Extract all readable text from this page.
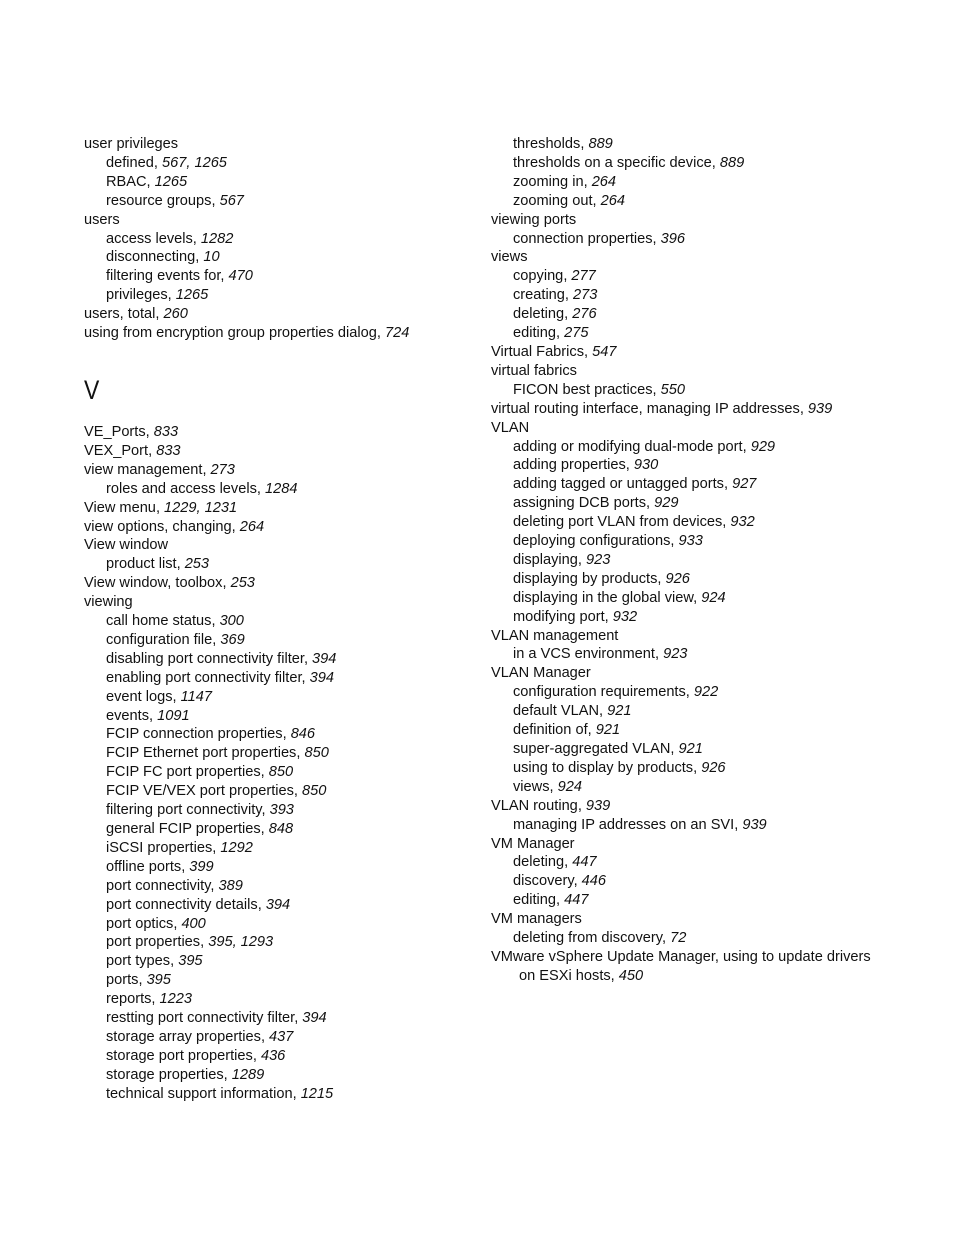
user privileges
defined, 567, 1265
RBAC, 1265
resource groups, 567
users
access levels, 1282
disconnecting, 10
filtering events for, 470
privileges, 1265
users, total, 260
using from encryption group properties dialog, 724
V
VE_Ports, 833
VEX_Port, 833
view management, 273
roles and access levels, 1284
View menu, 1229, 1231
view options, changing, 264
View window
product list, 253
View window, toolbox, 253
viewing
call home status, 300
configuration file, 369
disabling port connectivity filter, 394
enabling port connectivity filter, 394
event logs, 1147
events, 1091
FCIP connection properties, 846
FCIP Ethernet port properties, 850
FCIP FC port properties, 850
FCIP VE/VEX port properties, 850
filtering port connectivity, 393
general FCIP properties, 848
iSCSI properties, 1292
offline ports, 399
port connectivity, 389
port connectivity details, 394
port optics, 400
port properties, 395, 1293
port types, 395
ports, 395
reports, 1223
restting port connectivity filter, 394
storage array properties, 437
storage port properties, 436
storage properties, 1289
technical support information, 1215
thresholds, 889
thresholds on a specific device, 889
zooming in, 264
zooming out, 264
viewing ports
connection properties, 396
views
copying, 277
creating, 273
deleting, 276
editing, 275
Virtual Fabrics, 547
virtual fabrics
FICON best practices, 550
virtual routing interface, managing IP addresses, 939
VLAN
adding or modifying dual-mode port, 929
adding properties, 930
adding tagged or untagged ports, 927
assigning DCB ports, 929
deleting port VLAN from devices, 932
deploying configurations, 933
displaying, 923
displaying by products, 926
displaying in the global view, 924
modifying port, 932
VLAN management
in a VCS environment, 923
VLAN Manager
configuration requirements, 922
default VLAN, 921
definition of, 921
super-aggregated VLAN, 921
using to display by products, 926
views, 924
VLAN routing, 939
managing IP addresses on an SVI, 939
VM Manager
deleting, 447
discovery, 446
editing, 447
VM managers
deleting from discovery, 72
VMware vSphere Update Manager, using to update drivers
on ESXi hosts, 450
